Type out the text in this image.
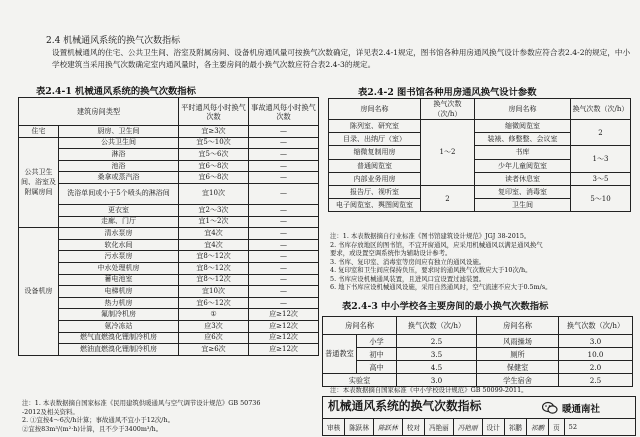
2.4 机械通风系统的换气次数指标
设置机械通风的住宅、公共卫生间、浴室及附属房间、设备机房通风量可按换气次数确定，详见表2.4-1规定，图书馆各种用房通风换气设计参数应符合表2.4-2的规定，中小学校建筑当采用换气次数确定室内通风量时，各主要房间的最小换气次数应符合表2.4-3的规定。
表2.4-1 机械通风系统的换气次数指标
建筑房间类型		平时通风每小时换气次数	事故通风每小时换气次数
住宅	厨房、卫生间	宜≥3次	—
公共卫生间、浴室及附属房间	公共卫生间	宜5～10次	—
	淋浴	宜5～6次	—
	池浴	宜6～8次	—
	桑拿或蒸汽浴	宜6～8次	—
	洗浴单间或小于5个喷头的淋浴间	宜10次	—
	更衣室	宜2～3次	—
	走廊、门厅	宜1～2次	—
设备机房	清水泵房	宜4次	—
	软化水间	宜4次	—
	污水泵房	宜8～12次	—
	中水处理机房	宜8～12次	—
	蓄电池室	宜8～12次	—
	电梯机房	宜10次	—
	热力机房	宜6～12次	—
	氟制冷机房	①	应≥12次
	氨冷冻站	应3次	应≥12次
	燃气直燃溴化锂制冷机房	应6次	应≥12次
	燃油直燃溴化锂制冷机房	宜≥6次	应≥12次
注：1. 本表数据摘自国家标准《民用建筑供暖通风与空气调节设计规范》GB 50736
-2012及相关资料。
2. ①宜按4～6次/h计算；事故通风不宜小于12次/h。
②宜按83m³/(m²·h)计算，且不少于3400m³/h。
表2.4-2 图书馆各种用房通风换气设计参数
房间名称	换气次数（次/h）	房间名称	换气次数（次/h）
陈列室、研究室	1～2	缩微阅览室	2
目录、出纳厅（室）		装裱、修整整、会议室	
缩微复制用房		书库	1～3
普通阅览室		少年儿童阅览室	
内部业务用房		读者休息室	3～5
报告厅、视听室	2	复印室、消毒室	5～10
电子阅览室、舆图阅览室		卫生间	
注：1. 本表数据摘自行业标准《图书馆建筑设计规范》JGJ 38-2015。
2. 书库存放地区的图书馆，不宜开窗通风，应采用机械通风以满足通风换气
要求，或设置空调系统作为辅助设计参考。
3. 书库、复印室、消毒室等房间应有独立的通风设施。
4. 复印室和卫生间应保持负压，要求时的通风换气次数应大于10次/h。
5. 书库应设机械通风装置，且进风口宜设置过滤装置。
6. 地下书库应设机械通风设施，采用自然通风时，空气流速不应大于0.5m/s。
表2.4-3 中小学校各主要房间的最小换气次数指标
房间名称		换气次数（次/h）	房间名称	换气次数（次/h）
普通教室	小学	2.5	风雨操场	3.0
	初中	3.5	厕所	10.0
	高中	4.5	保健室	2.0
实验室		3.0	学生宿舍	2.5
注：本表数据摘自国家标准《中小学校设计规范》GB 50099-2011。
机械通风系统的换气次数指标	暖通南社
审核	陈跃林	陈跃林	校对	冯艳丽	冯艳丽	设计	祁鹏	祁鹏	页	52
